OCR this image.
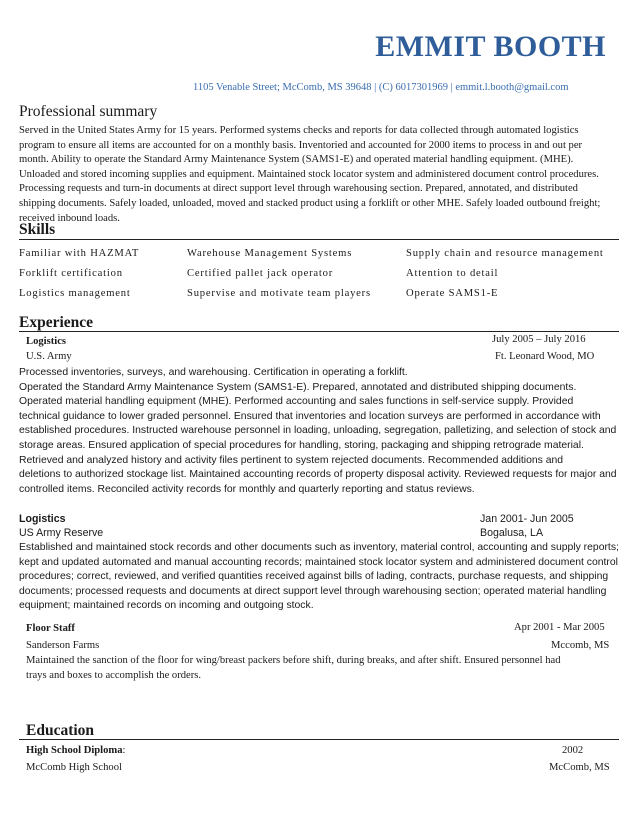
EMMIT BOOTH
1105 Venable Street; McComb, MS 39648 | (C) 6017301969 | emmit.l.booth@gmail.com
Professional summary
Served in the United States Army for 15 years. Performed systems checks and reports for data collected through automated logistics
program to ensure all items are accounted for on a monthly basis. Inventoried and accounted for 2000 items to process in and out per
month. Ability to operate the Standard Army Maintenance System (SAMS1-E) and operated material handling equipment. (MHE).
Unloaded and stored incoming supplies and equipment. Maintained stock locator system and administered document control procedures.
Processing requests and turn-in documents at direct support level through warehousing section. Prepared, annotated, and distributed
shipping documents. Safely loaded, unloaded, moved and stacked product using a forklift or other MHE. Safely loaded outbound freight;
received inbound loads.
Skills
Familiar with HAZMAT	Warehouse Management Systems	Supply chain and resource management
Forklift certification	Certified pallet jack operator	Attention to detail
Logistics management	Supervise and motivate team players	Operate SAMS1-E
Experience
Logistics	July 2005 – July 2016
U.S. Army	Ft. Leonard Wood, MO
Processed inventories, surveys, and warehousing. Certification in operating a forklift.
Operated the Standard Army Maintenance System (SAMS1-E). Prepared, annotated and distributed shipping documents.
Operated material handling equipment (MHE). Performed accounting and sales functions in self-service supply. Provided
technical guidance to lower graded personnel. Ensured that inventories and location surveys are performed in accordance with
established procedures. Instructed warehouse personnel in loading, unloading, segregation, palletizing, and selection of stock and
storage areas. Ensured application of special procedures for handling, storing, packaging and shipping retrograde material.
Retrieved and analyzed history and activity files pertinent to system rejected documents. Recommended additions and
deletions to authorized stockage list. Maintained accounting records of property disposal activity. Reviewed requests for major and
controlled items. Reconciled activity records for monthly and quarterly reporting and status reviews.
Logistics	Jan 2001- Jun 2005
US Army Reserve	Bogalusa, LA
Established and maintained stock records and other documents such as inventory, material control, accounting and supply reports;
kept and updated automated and manual accounting records; maintained stock locator system and administered document control
procedures; correct, reviewed, and verified quantities received against bills of lading, contracts, purchase requests, and shipping
documents; processed requests and documents at direct support level through warehousing section; operated material handling
equipment; maintained records on incoming and outgoing stock.
Floor Staff	Apr 2001 - Mar 2005
Sanderson Farms	Mccomb, MS
Maintained the sanction of the floor for wing/breast packers before shift, during breaks, and after shift. Ensured personnel had
trays and boxes to accomplish the orders.
Education
High School Diploma:	2002
McComb High School	McComb, MS
